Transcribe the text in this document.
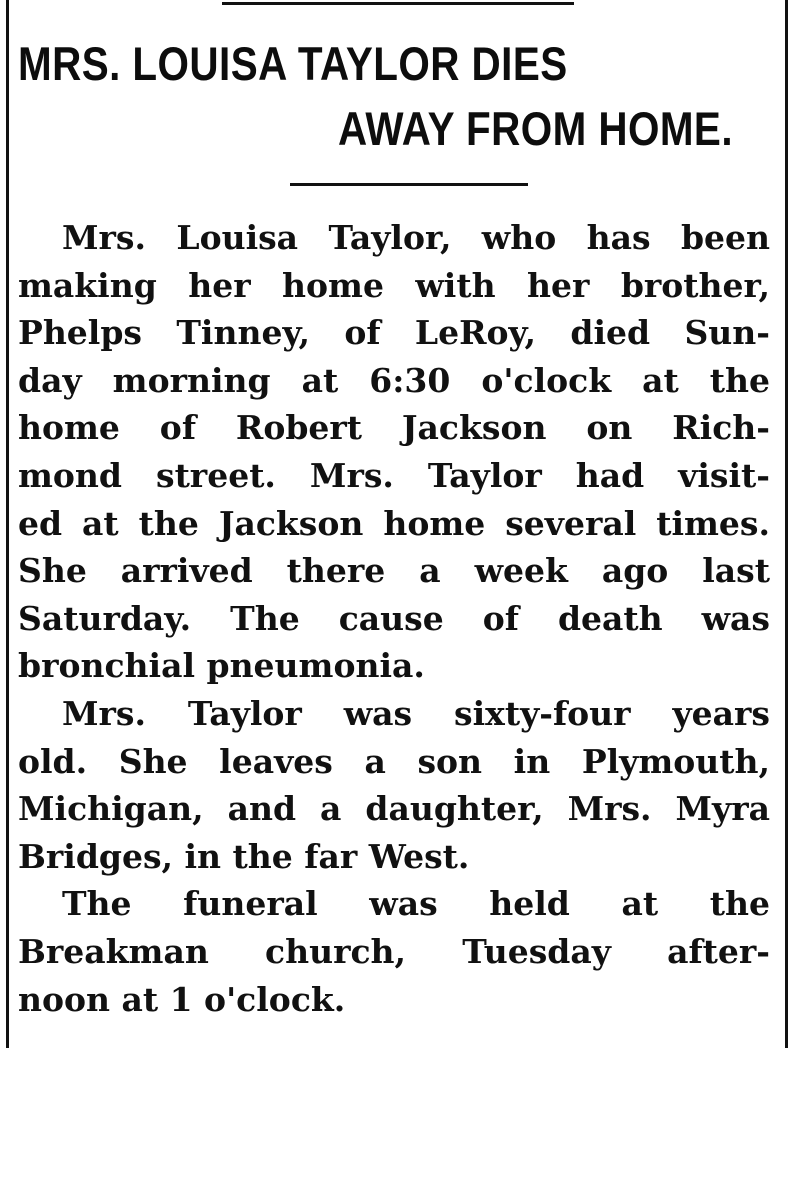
MRS. LOUISA TAYLOR DIES
AWAY FROM HOME.
Mrs. Louisa Taylor, who has been
making her home with her brother,
Phelps Tinney, of LeRoy, died Sun-
day morning at 6:30 o'clock at the
home of Robert Jackson on Rich-
mond street. Mrs. Taylor had visit-
ed at the Jackson home several times.
She arrived there a week ago last
Saturday. The cause of death was
bronchial pneumonia.
Mrs. Taylor was sixty-four years
old. She leaves a son in Plymouth,
Michigan, and a daughter, Mrs. Myra
Bridges, in the far West.
The funeral was held at the
Breakman church, Tuesday after-
noon at 1 o'clock.
